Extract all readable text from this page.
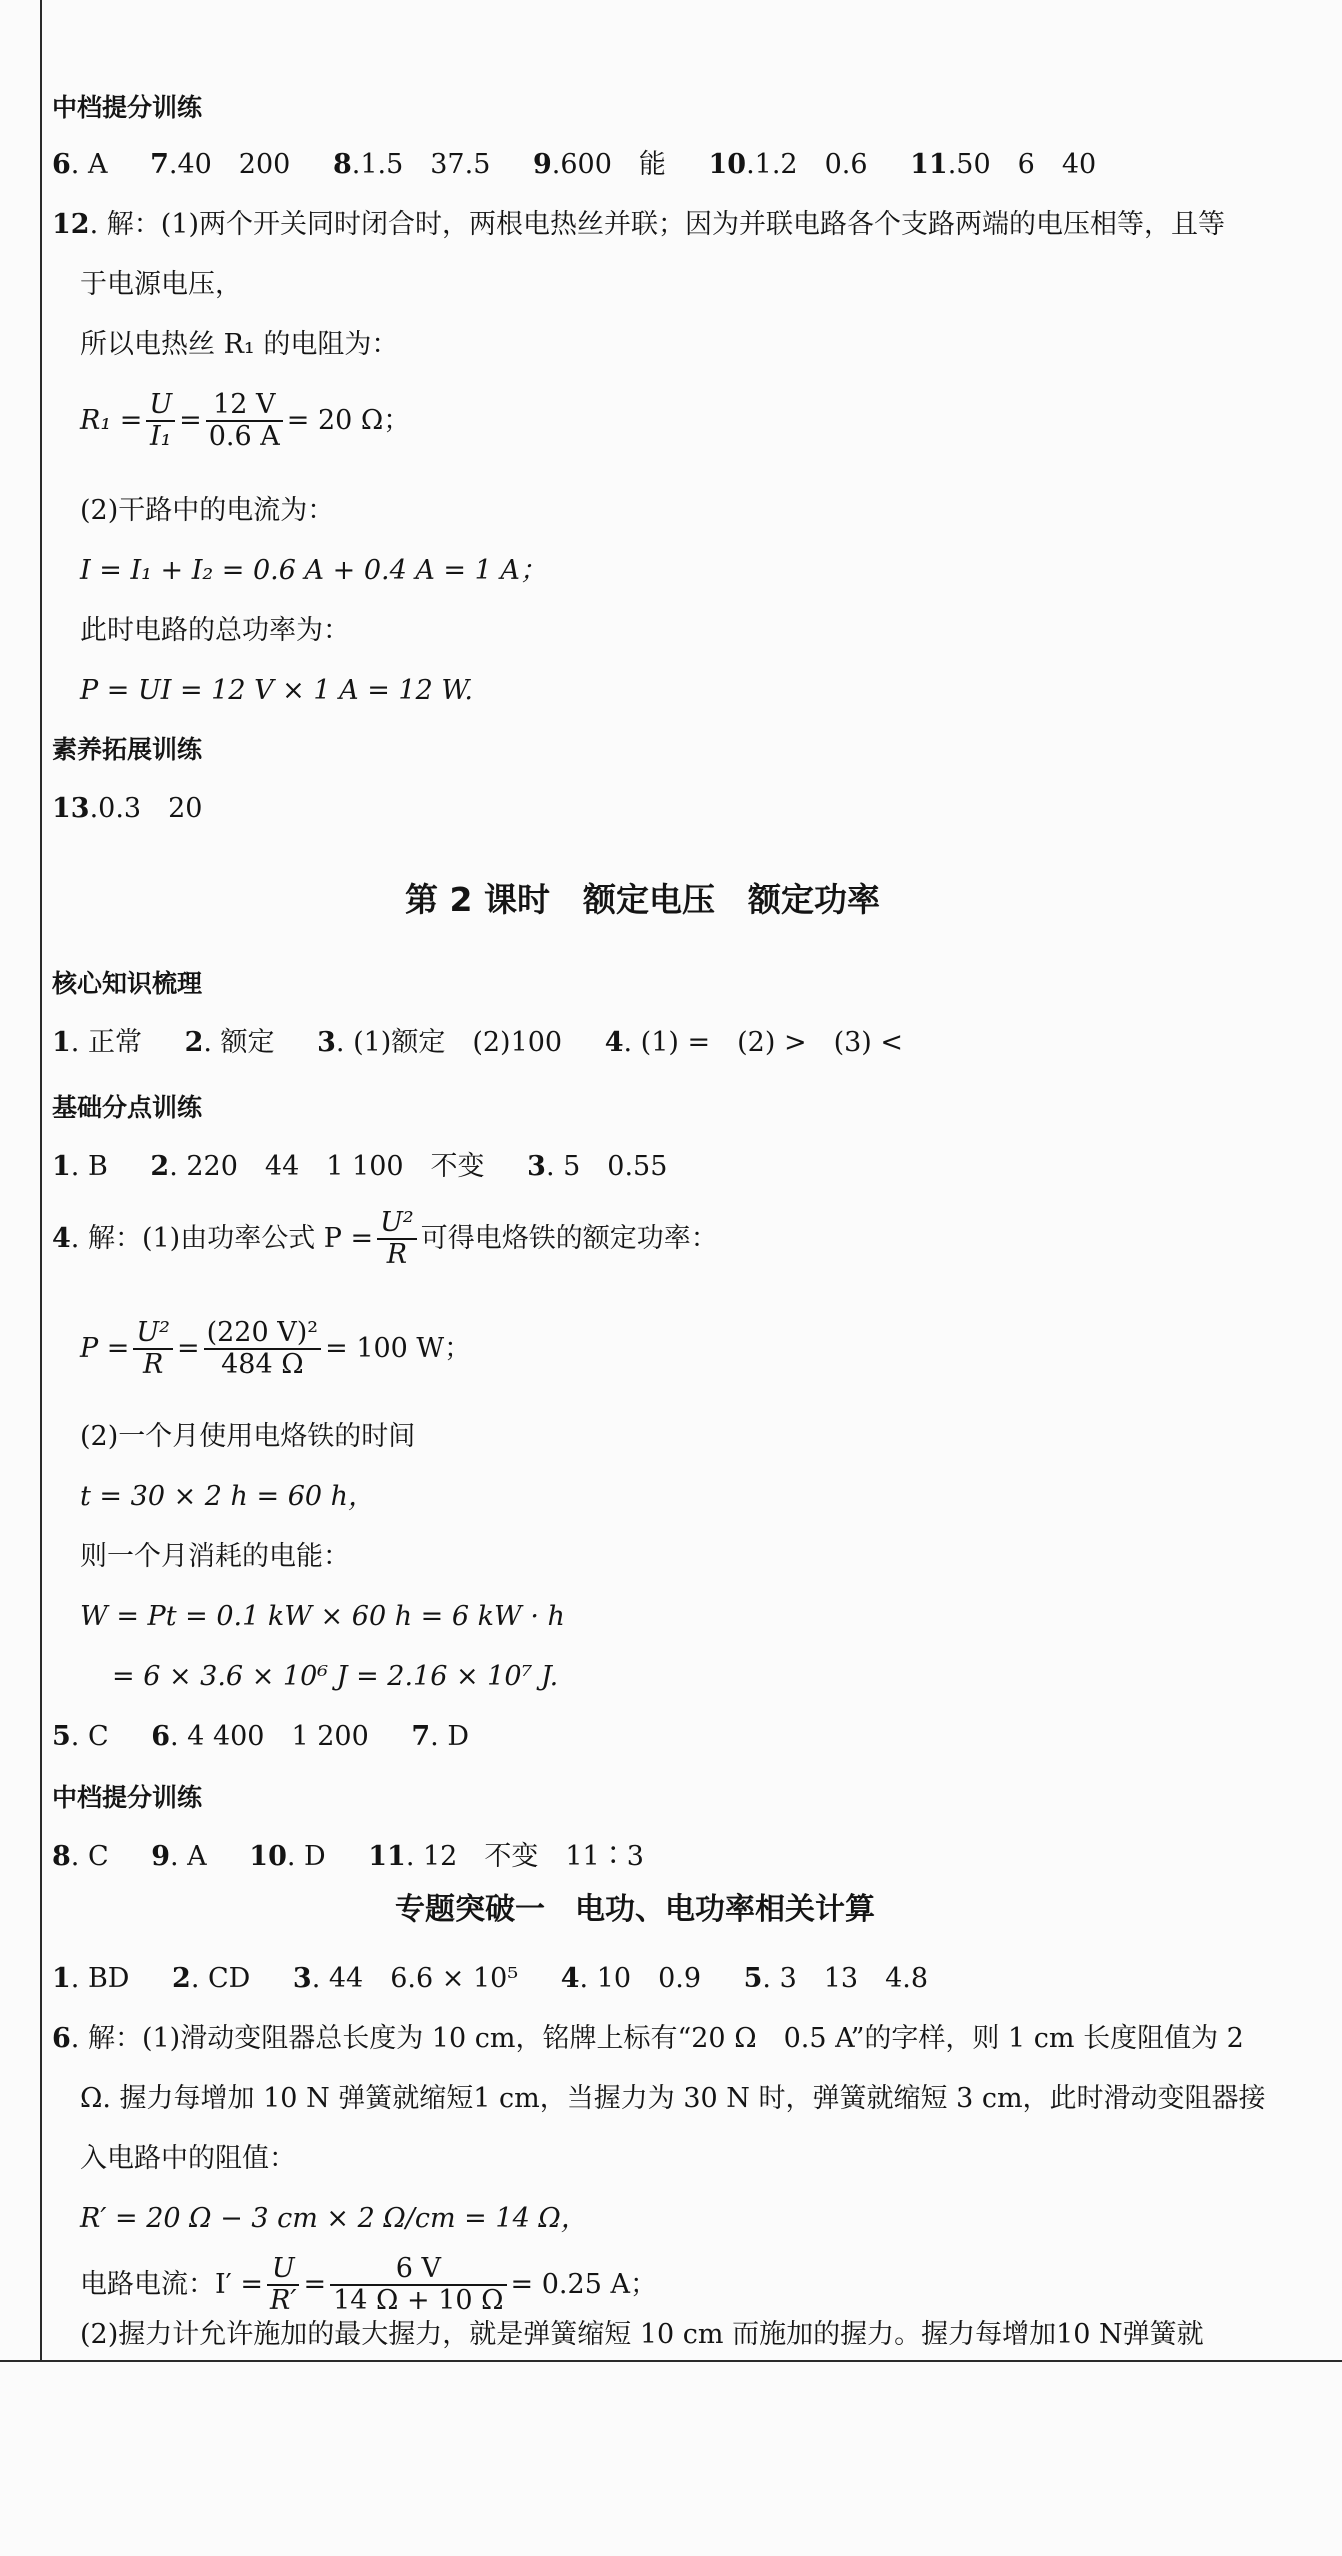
中档提分训练
6. A 7.40　200 8.1.5　37.5 9.600　能 10.1.2　0.6 11.50　6　40
12. 解：(1)两个开关同时闭合时，两根电热丝并联；因为并联电路各个支路两端的电压相等，且等
于电源电压，
所以电热丝 R₁ 的电阻为：
$R_1 = \frac{U}{\text{I₁}} = \frac{12 V}{0.6 A} = 20$ Ω；
(2)干路中的电流为：
I = I₁ + I₂ = 0.6 A + 0.4 A = 1 A；
此时电路的总功率为：
P = UI = 12 V × 1 A = 12 W.
素养拓展训练
13.0.3　20
第 2 课时　额定电压　额定功率
核心知识梳理
1. 正常 2. 额定 3. (1)额定　(2)100 4. (1) =　(2) >　(3) <
基础分点训练
1. B 2. 220　44　1 100　不变 3. 5　0.55
4 . 解：(1)由功率公式 $P = \frac{\text{U²}}{R}$ 可得电烙铁的额定功率：
$P = \frac{\text{U²}}{R} = \frac{\text{(220 V)²}}{484 \Omega} = 100$ W；
(2)一个月使用电烙铁的时间
t = 30 × 2 h = 60 h，
则一个月消耗的电能：
W = Pt = 0.1 kW × 60 h = 6 kW · h
= 6 × 3.6 × 10⁶ J = 2.16 × 10⁷ J.
5. C 6. 4 400　1 200 7. D
中档提分训练
8. C 9. A 10. D 11. 12　不变　11∶3
专题突破一　电功、电功率相关计算
1. BD 2. CD 3. 44　6.6 × 10⁵ 4. 10　0.9 5. 3　13　4.8
6. 解：(1)滑动变阻器总长度为 10 cm，铭牌上标有“20 Ω　0.5 A”的字样，则 1 cm 长度阻值为 2
Ω. 握力每增加 10 N 弹簧就缩短1 cm，当握力为 30 N 时，弹簧就缩短 3 cm，此时滑动变阻器接
入电路中的阻值：
R′ = 20 Ω − 3 cm × 2 Ω/cm = 14 Ω，
电路电流：$I' = \frac{U}{R'} = \frac{6 V}{14 \Omega + 10 \Omega} = 0.25$ A；
(2)握力计允许施加的最大握力，就是弹簧缩短 10 cm 而施加的握力。握力每增加10 N弹簧就
